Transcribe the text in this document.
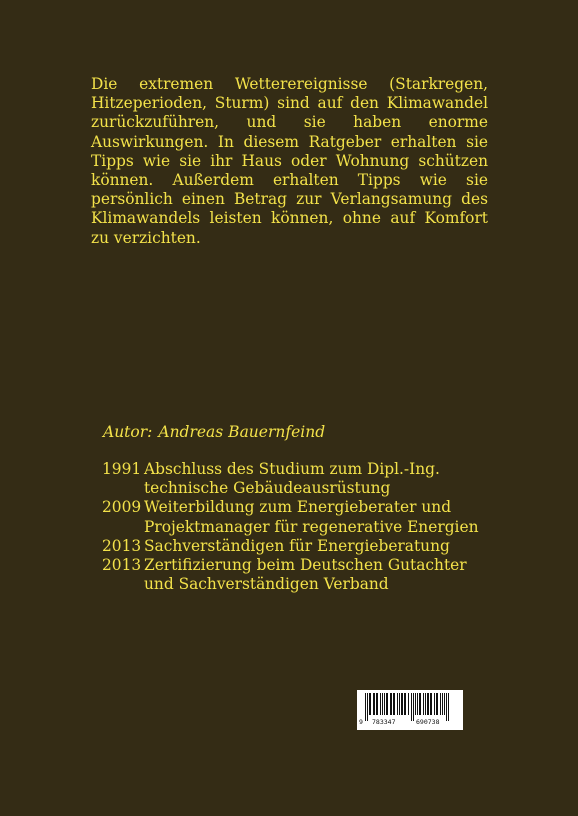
Die extremen Wetterereignisse (Starkregen, Hitzeperioden, Sturm) sind auf den Klimawandel zurückzuführen, und sie haben enorme Auswirkungen. In diesem Ratgeber erhalten sie Tipps wie sie ihr Haus oder Wohnung schützen können. Außerdem erhalten Tipps wie sie persönlich einen Betrag zur Verlangsamung des Klimawandels leisten können, ohne auf Komfort zu verzichten.

Autor: Andreas Bauernfeind
1991 Abschluss des Studium zum Dipl.-Ing.
technische Gebäudeausrüstung
2009 Weiterbildung zum Energieberater und
Projektmanager für regenerative Energien
2013 Sachverständigen für Energieberatung
2013 Zertifizierung beim Deutschen Gutachter
und Sachverständigen Verband
9 783347	690738
